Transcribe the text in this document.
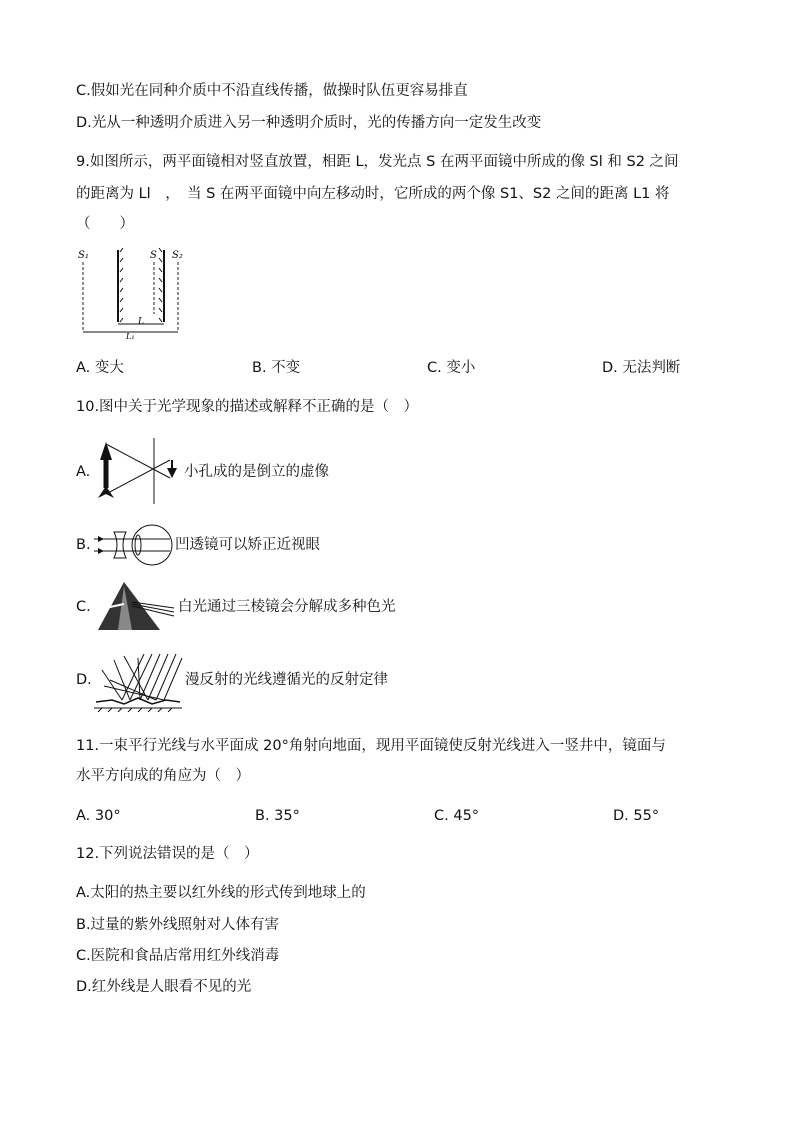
C.假如光在同种介质中不沿直线传播，做操时队伍更容易排直
D.光从一种透明介质进入另一种透明介质时，光的传播方向一定发生改变
9.如图所示，两平面镜相对竖直放置，相距 L，发光点 S 在两平面镜中所成的像 Sl 和 S2 之间
的距离为 Ll　，　当 S 在两平面镜中向左移动时，它所成的两个像 S1、S2 之间的距离 L1 将
（　　）
S₁	S S₂
L
L₁
A. 变大	B. 不变	C. 变小	D. 无法判断
10.图中关于光学现象的描述或解释不正确的是（　）
A.	小孔成的是倒立的虚像
B.	凹透镜可以矫正近视眼
C.	白光通过三棱镜会分解成多种色光
D.	漫反射的光线遵循光的反射定律
11.一束平行光线与水平面成 20°角射向地面，现用平面镜使反射光线进入一竖井中，镜面与
水平方向成的角应为（　）
A. 30°	B. 35°	C. 45°	D. 55°
12.下列说法错误的是（　）
A.太阳的热主要以红外线的形式传到地球上的
B.过量的紫外线照射对人体有害
C.医院和食品店常用红外线消毒
D.红外线是人眼看不见的光
